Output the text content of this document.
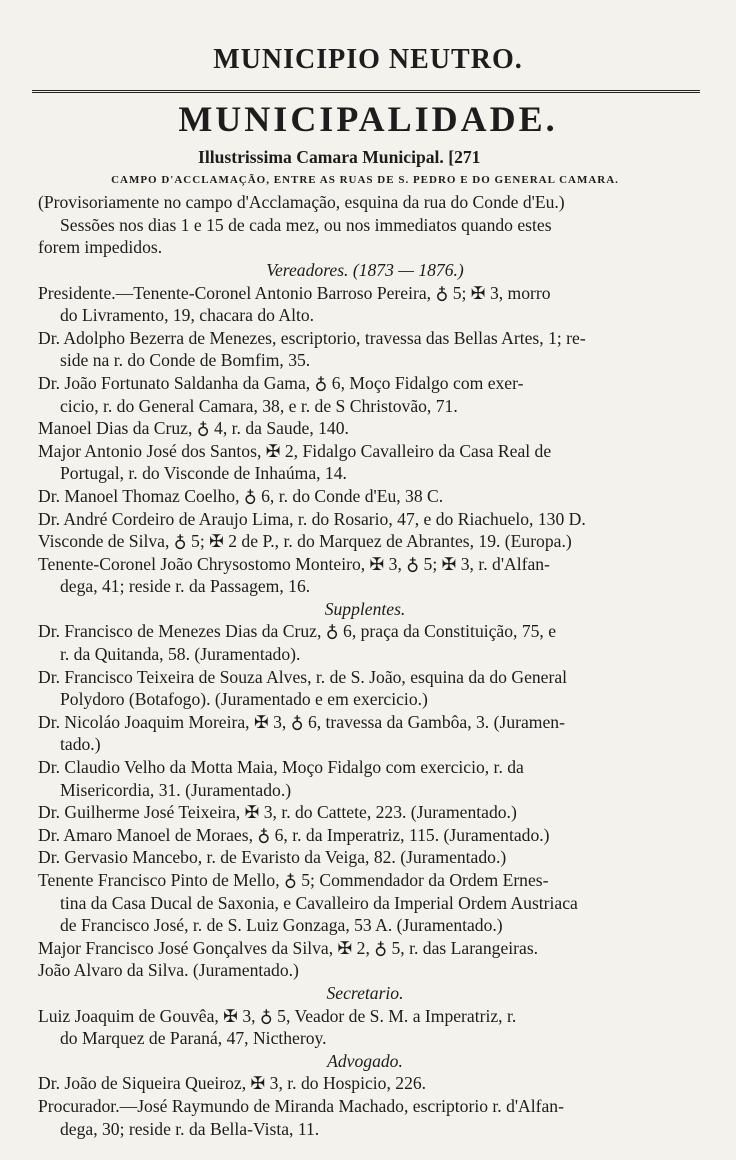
MUNICIPIO NEUTRO.
MUNICIPALIDADE.
Illustrissima Camara Municipal. [271
CAMPO D'ACCLAMAÇÃO, ENTRE AS RUAS DE S. PEDRO E DO GENERAL CAMARA.
(Provisoriamente no campo d'Acclamação, esquina da rua do Conde d'Eu.)
Sessões nos dias 1 e 15 de cada mez, ou nos immediatos quando estes
forem impedidos.
Vereadores. (1873 — 1876.)
Presidente.—Tenente-Coronel Antonio Barroso Pereira, ♁ 5; ✠ 3, morro
do Livramento, 19, chacara do Alto.
Dr. Adolpho Bezerra de Menezes, escriptorio, travessa das Bellas Artes, 1; re-
side na r. do Conde de Bomfim, 35.
Dr. João Fortunato Saldanha da Gama, ♁ 6, Moço Fidalgo com exer-
cicio, r. do General Camara, 38, e r. de S Christovão, 71.
Manoel Dias da Cruz, ♁ 4, r. da Saude, 140.
Major Antonio José dos Santos, ✠ 2, Fidalgo Cavalleiro da Casa Real de
Portugal, r. do Visconde de Inhaúma, 14.
Dr. Manoel Thomaz Coelho, ♁ 6, r. do Conde d'Eu, 38 C.
Dr. André Cordeiro de Araujo Lima, r. do Rosario, 47, e do Riachuelo, 130 D.
Visconde de Silva, ♁ 5; ✠ 2 de P., r. do Marquez de Abrantes, 19. (Europa.)
Tenente-Coronel João Chrysostomo Monteiro, ✠ 3, ♁ 5; ✠ 3, r. d'Alfan-
dega, 41; reside r. da Passagem, 16.
Supplentes.
Dr. Francisco de Menezes Dias da Cruz, ♁ 6, praça da Constituição, 75, e
r. da Quitanda, 58. (Juramentado).
Dr. Francisco Teixeira de Souza Alves, r. de S. João, esquina da do General
Polydoro (Botafogo). (Juramentado e em exercicio.)
Dr. Nicoláo Joaquim Moreira, ✠ 3, ♁ 6, travessa da Gambôa, 3. (Juramen-
tado.)
Dr. Claudio Velho da Motta Maia, Moço Fidalgo com exercicio, r. da
Misericordia, 31. (Juramentado.)
Dr. Guilherme José Teixeira, ✠ 3, r. do Cattete, 223. (Juramentado.)
Dr. Amaro Manoel de Moraes, ♁ 6, r. da Imperatriz, 115. (Juramentado.)
Dr. Gervasio Mancebo, r. de Evaristo da Veiga, 82. (Juramentado.)
Tenente Francisco Pinto de Mello, ♁ 5; Commendador da Ordem Ernes-
tina da Casa Ducal de Saxonia, e Cavalleiro da Imperial Ordem Austriaca
de Francisco José, r. de S. Luiz Gonzaga, 53 A. (Juramentado.)
Major Francisco José Gonçalves da Silva, ✠ 2, ♁ 5, r. das Larangeiras.
João Alvaro da Silva. (Juramentado.)
Secretario.
Luiz Joaquim de Gouvêa, ✠ 3, ♁ 5, Veador de S. M. a Imperatriz, r.
do Marquez de Paraná, 47, Nictheroy.
Advogado.
Dr. João de Siqueira Queiroz, ✠ 3, r. do Hospicio, 226.
Procurador.—José Raymundo de Miranda Machado, escriptorio r. d'Alfan-
dega, 30; reside r. da Bella-Vista, 11.
